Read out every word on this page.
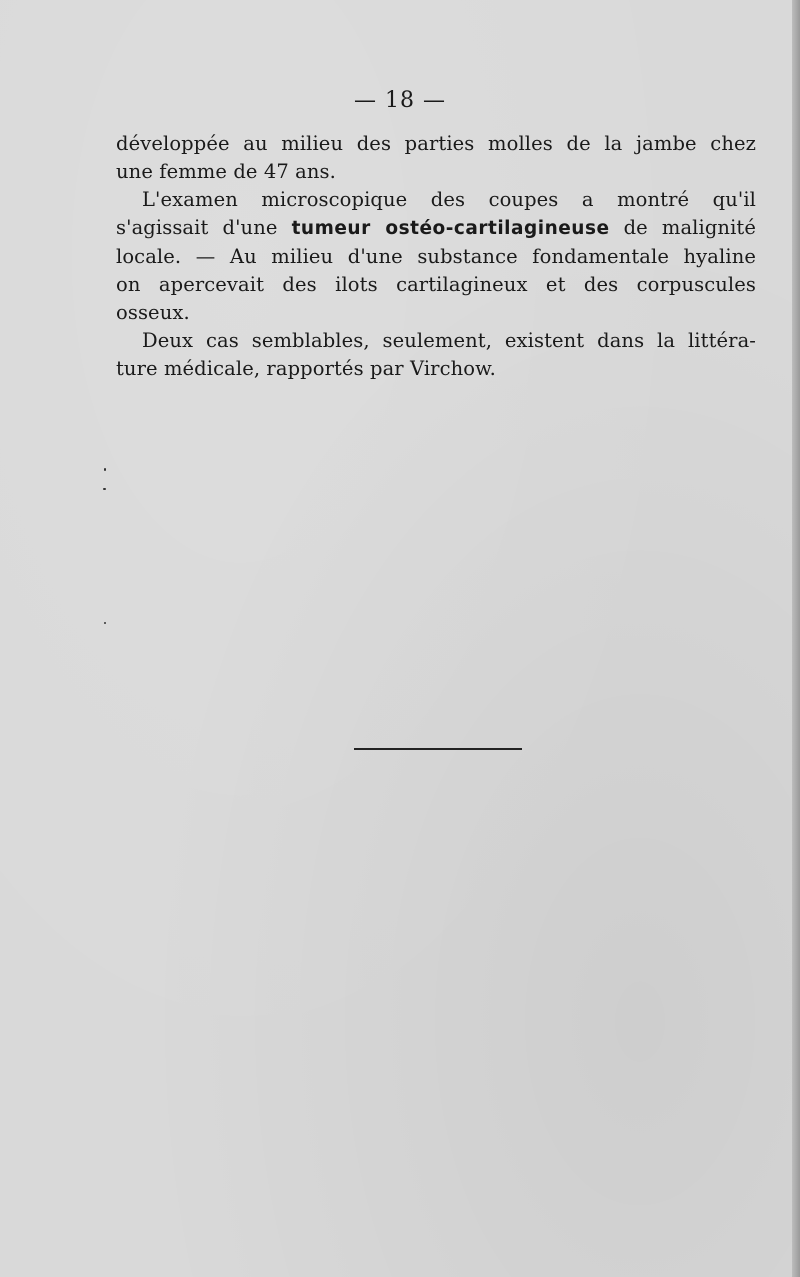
— 18 —
développée au milieu des parties molles de la jambe chez
une femme de 47 ans.
L'examen microscopique des coupes a montré qu'il
s'agissait d'une tumeur ostéo-cartilagineuse de malignité
locale. — Au milieu d'une substance fondamentale hyaline
on apercevait des ilots cartilagineux et des corpuscules
osseux.
Deux cas semblables, seulement, existent dans la littéra-
ture médicale, rapportés par Virchow.
